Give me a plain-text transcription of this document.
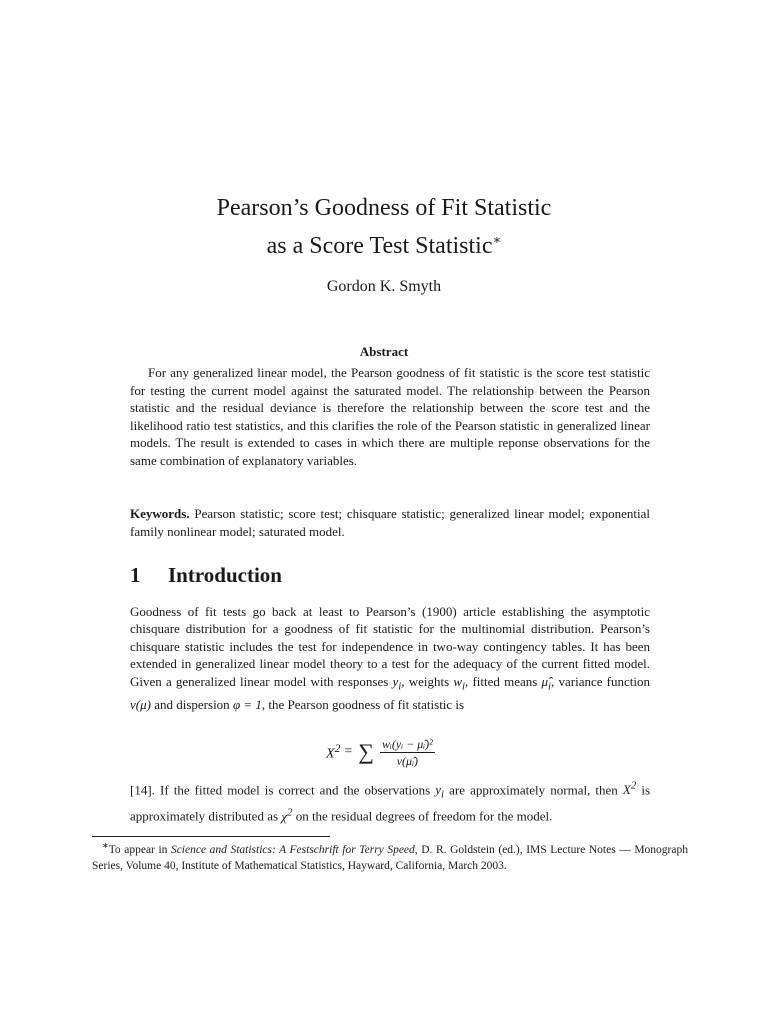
Pearson’s Goodness of Fit Statistic
as a Score Test Statistic∗
Gordon K. Smyth
Abstract
For any generalized linear model, the Pearson goodness of fit statistic is the score test statistic for testing the current model against the saturated model. The relationship between the Pearson statistic and the residual deviance is therefore the relationship between the score test and the likelihood ratio test statistics, and this clarifies the role of the Pearson statistic in generalized linear models. The result is extended to cases in which there are multiple reponse observations for the same combination of explanatory variables.
Keywords. Pearson statistic; score test; chisquare statistic; generalized linear model; exponential family nonlinear model; saturated model.
1 Introduction
Goodness of fit tests go back at least to Pearson’s (1900) article establishing the asymptotic chisquare distribution for a goodness of fit statistic for the multinomial distribution. Pearson’s chisquare statistic includes the test for independence in two-way contingency tables. It has been extended in generalized linear model theory to a test for the adequacy of the current fitted model. Given a generalized linear model with responses $y_i$, weights $w_i$, fitted means $\mû_i$, variance function v(μ) and dispersion φ = 1, the Pearson goodness of fit statistic is
$X^2$ = ∑ $\frac{\text{wᵢ(yᵢ − μ̂ᵢ)²}}{\text{v(μ̂ᵢ)}}$
[14]. If the fitted model is correct and the observations $y_i$ are approximately normal, then $X^2$ is approximately distributed as $\chi^2$ on the residual degrees of freedom for the model.
∗To appear in Science and Statistics: A Festschrift for Terry Speed, D. R. Goldstein (ed.), IMS Lecture Notes — Monograph Series, Volume 40, Institute of Mathematical Statistics, Hayward, California, March 2003.
